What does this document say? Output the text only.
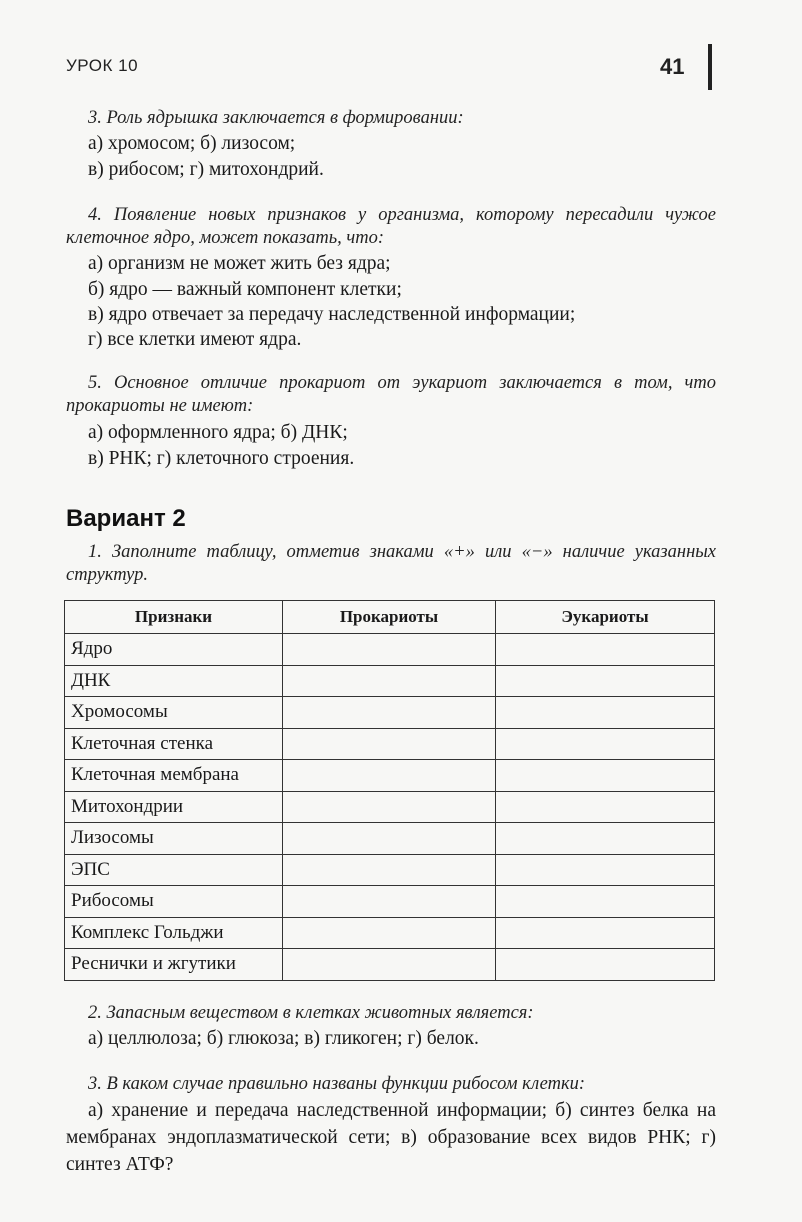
УРОК 10	41
3. Роль ядрышка заключается в формировании:
а) хромосом; б) лизосом;
в) рибосом; г) митохондрий.
4. Появление новых признаков у организма, которому пересадили чужое клеточное ядро, может показать, что:
а) организм не может жить без ядра;
б) ядро — важный компонент клетки;
в) ядро отвечает за передачу наследственной информации;
г) все клетки имеют ядра.
5. Основное отличие прокариот от эукариот заключается в том, что прокариоты не имеют:
а) оформленного ядра; б) ДНК;
в) РНК; г) клеточного строения.
Вариант 2
1. Заполните таблицу, отметив знаками «+» или «−» наличие указанных структур.
Признаки	Прокариоты	Эукариоты
Ядро		
ДНК		
Хромосомы		
Клеточная стенка		
Клеточная мембрана		
Митохондрии		
Лизосомы		
ЭПС		
Рибосомы		
Комплекс Гольджи		
Реснички и жгутики		
2. Запасным веществом в клетках животных является:
а) целлюлоза; б) глюкоза; в) гликоген; г) белок.
3. В каком случае правильно названы функции рибосом клетки:
а) хранение и передача наследственной информации; б) синтез белка на мембранах эндоплазматической сети; в) образование всех видов РНК; г) синтез АТФ?
